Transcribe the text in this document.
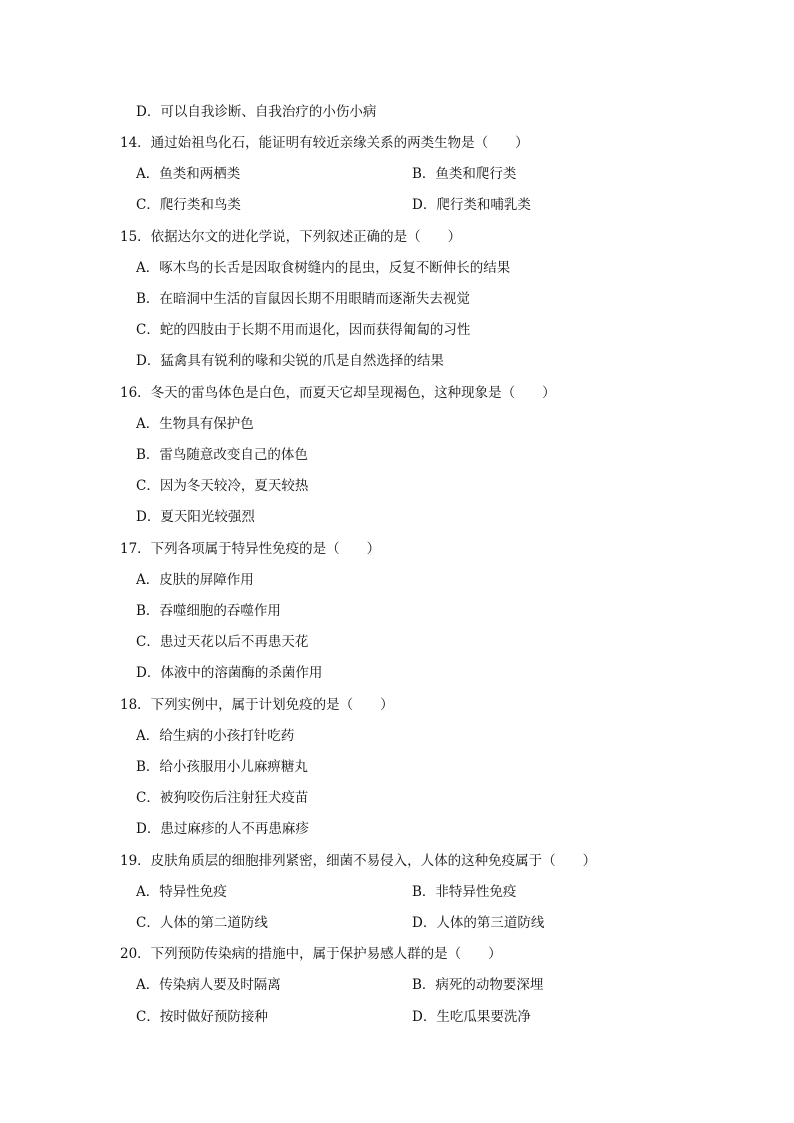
D．可以自我诊断、自我治疗的小伤小病
14．通过始祖鸟化石，能证明有较近亲缘关系的两类生物是（　　）
A．鱼类和两栖类	B．鱼类和爬行类
C．爬行类和鸟类	D．爬行类和哺乳类
15．依据达尔文的进化学说，下列叙述正确的是（　　）
A．啄木鸟的长舌是因取食树缝内的昆虫，反复不断伸长的结果
B．在暗洞中生活的盲鼠因长期不用眼睛而逐渐失去视觉
C．蛇的四肢由于长期不用而退化，因而获得匍匐的习性
D．猛禽具有锐利的喙和尖锐的爪是自然选择的结果
16．冬天的雷鸟体色是白色，而夏天它却呈现褐色，这种现象是（　　）
A．生物具有保护色
B．雷鸟随意改变自己的体色
C．因为冬天较冷，夏天较热
D．夏天阳光较强烈
17．下列各项属于特异性免疫的是（　　）
A．皮肤的屏障作用
B．吞噬细胞的吞噬作用
C．患过天花以后不再患天花
D．体液中的溶菌酶的杀菌作用
18．下列实例中，属于计划免疫的是（　　）
A．给生病的小孩打针吃药
B．给小孩服用小儿麻痹糖丸
C．被狗咬伤后注射狂犬疫苗
D．患过麻疹的人不再患麻疹
19．皮肤角质层的细胞排列紧密，细菌不易侵入，人体的这种免疫属于（　　）
A．特异性免疫	B．非特异性免疫
C．人体的第二道防线	D．人体的第三道防线
20．下列预防传染病的措施中，属于保护易感人群的是（　　）
A．传染病人要及时隔离	B．病死的动物要深埋
C．按时做好预防接种	D．生吃瓜果要洗净
